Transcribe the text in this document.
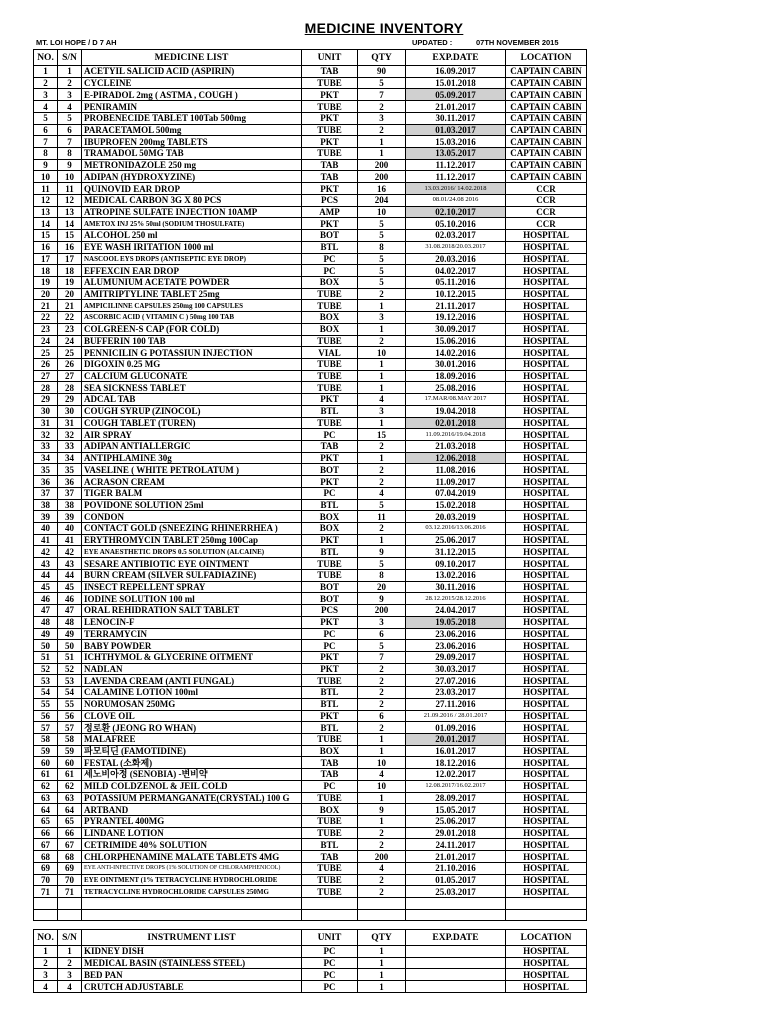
MEDICINE INVENTORY
MT. LOI HOPE / D 7 AH	UPDATED :	07TH NOVEMBER 2015
NO.	S/N	MEDICINE LIST	UNIT	QTY	EXP.DATE	LOCATION
1	1	ACETYIL SALICID ACID (ASPIRIN)	TAB	90	16.09.2017	CAPTAIN CABIN
2	2	CYCLEINE	TUBE	5	15.01.2018	CAPTAIN CABIN
3	3	E-PIRADOL 2mg ( ASTMA , COUGH )	PKT	7	05.09.2017	CAPTAIN CABIN
4	4	PENIRAMIN	TUBE	2	21.01.2017	CAPTAIN CABIN
5	5	PROBENECIDE TABLET 100Tab 500mg	PKT	3	30.11.2017	CAPTAIN CABIN
6	6	PARACETAMOL 500mg	TUBE	2	01.03.2017	CAPTAIN CABIN
7	7	IBUPROFEN 200mg TABLETS	PKT	1	15.03.2016	CAPTAIN CABIN
8	8	TRAMADOL 50MG TAB	TUBE	1	13.05.2017	CAPTAIN CABIN
9	9	METRONIDAZOLE 250 mg	TAB	200	11.12.2017	CAPTAIN CABIN
10	10	ADIPAN (HYDROXYZINE)	TAB	200	11.12.2017	CAPTAIN CABIN
11	11	QUINOVID EAR DROP	PKT	16	13.03.2016/ 14.02.2018	CCR
12	12	MEDICAL CARBON 3G X 80 PCS	PCS	204	08.01/24.08 2016	CCR
13	13	ATROPINE SULFATE INJECTION 10AMP	AMP	10	02.10.2017	CCR
14	14	AMETOX INJ 25% 50ml (SODIUM THOSULFATE)	PKT	5	05.10.2016	CCR
15	15	ALCOHOL 250 ml	BOT	5	02.03.2017	HOSPITAL
16	16	EYE WASH IRITATION 1000 ml	BTL	8	31.08.2018/20.03.2017	HOSPITAL
17	17	NASCOOL EYS DROPS (ANTISEPTIC EYE DROP)	PC	5	20.03.2016	HOSPITAL
18	18	EFFEXCIN EAR DROP	PC	5	04.02.2017	HOSPITAL
19	19	ALUMUNIUM ACETATE POWDER	BOX	5	05.11.2016	HOSPITAL
20	20	AMITRIPTYLINE TABLET 25mg	TUBE	2	10.12.2015	HOSPITAL
21	21	AMPICILINNE CAPSULES 250mg 100 CAPSULES	TUBE	1	21.11.2017	HOSPITAL
22	22	ASCORBIC ACID ( VITAMIN C ) 50mg 100 TAB	BOX	3	19.12.2016	HOSPITAL
23	23	COLGREEN-S CAP (FOR COLD)	BOX	1	30.09.2017	HOSPITAL
24	24	BUFFERIN 100 TAB	TUBE	2	15.06.2016	HOSPITAL
25	25	PENNICILIN G POTASSIUN INJECTION	VIAL	10	14.02.2016	HOSPITAL
26	26	DIGOXIN 0.25 MG	TUBE	1	30.01.2016	HOSPITAL
27	27	CALCIUM GLUCONATE	TUBE	1	18.09.2016	HOSPITAL
28	28	SEA SICKNESS TABLET	TUBE	1	25.08.2016	HOSPITAL
29	29	ADCAL TAB	PKT	4	17.MAR/08.MAY 2017	HOSPITAL
30	30	COUGH SYRUP (ZINOCOL)	BTL	3	19.04.2018	HOSPITAL
31	31	COUGH TABLET (TUREN)	TUBE	1	02.01.2018	HOSPITAL
32	32	AIR SPRAY	PC	15	11.09.2016/19.04.2018	HOSPITAL
33	33	ADIPAN ANTIALLERGIC	TAB	2	21.03.2018	HOSPITAL
34	34	ANTIPHLAMINE 30g	PKT	1	12.06.2018	HOSPITAL
35	35	VASELINE ( WHITE PETROLATUM )	BOT	2	11.08.2016	HOSPITAL
36	36	ACRASON CREAM	PKT	2	11.09.2017	HOSPITAL
37	37	TIGER BALM	PC	4	07.04.2019	HOSPITAL
38	38	POVIDONE SOLUTION 25ml	BTL	5	15.02.2018	HOSPITAL
39	39	CONDON	BOX	11	20.03.2019	HOSPITAL
40	40	CONTACT GOLD (SNEEZING RHINERRHEA )	BOX	2	03.12.2016/13.06.2016	HOSPITAL
41	41	ERYTHROMYCIN TABLET 250mg 100Cap	PKT	1	25.06.2017	HOSPITAL
42	42	EYE ANAESTHETIC DROPS 0.5 SOLUTION (ALCAINE)	BTL	9	31.12.2015	HOSPITAL
43	43	SESARE ANTIBIOTIC EYE OINTMENT	TUBE	5	09.10.2017	HOSPITAL
44	44	BURN CREAM (SILVER SULFADIAZINE)	TUBE	8	13.02.2016	HOSPITAL
45	45	INSECT REPELLENT SPRAY	BOT	20	30.11.2016	HOSPITAL
46	46	IODINE SOLUTION 100 ml	BOT	9	28.12.2015/28.12.2016	HOSPITAL
47	47	ORAL REHIDRATION SALT TABLET	PCS	200	24.04.2017	HOSPITAL
48	48	LENOCIN-F	PKT	3	19.05.2018	HOSPITAL
49	49	TERRAMYCIN	PC	6	23.06.2016	HOSPITAL
50	50	BABY POWDER	PC	5	23.06.2016	HOSPITAL
51	51	ICHTHYMOL & GLYCERINE OITMENT	PKT	7	29.09.2017	HOSPITAL
52	52	NADLAN	PKT	2	30.03.2017	HOSPITAL
53	53	LAVENDA CREAM (ANTI FUNGAL)	TUBE	2	27.07.2016	HOSPITAL
54	54	CALAMINE LOTION 100ml	BTL	2	23.03.2017	HOSPITAL
55	55	NORUMOSAN 250MG	BTL	2	27.11.2016	HOSPITAL
56	56	CLOVE OIL	PKT	6	21.09.2016 / 28.01.2017	HOSPITAL
57	57	정로환 (JEONG RO WHAN)	BTL	2	01.09.2016	HOSPITAL
58	58	MALAFREE	TUBE	1	20.01.2017	HOSPITAL
59	59	파모티딘 (FAMOTIDINE)	BOX	1	16.01.2017	HOSPITAL
60	60	FESTAL (소화제)	TAB	10	18.12.2016	HOSPITAL
61	61	세노비아정 (SENOBIA) -변비약	TAB	4	12.02.2017	HOSPITAL
62	62	MILD COLDZENOL & JEIL COLD	PC	10	12.08.2017/16.02.2017	HOSPITAL
63	63	POTASSIUM PERMANGANATE(CRYSTAL) 100 G	TUBE	1	28.09.2017	HOSPITAL
64	64	ARTBAND	BOX	9	15.05.2017	HOSPITAL
65	65	PYRANTEL 400MG	TUBE	1	25.06.2017	HOSPITAL
66	66	LINDANE LOTION	TUBE	2	29.01.2018	HOSPITAL
67	67	CETRIMIDE 40% SOLUTION	BTL	2	24.11.2017	HOSPITAL
68	68	CHLORPHENAMINE MALATE TABLETS 4MG	TAB	200	21.01.2017	HOSPITAL
69	69	EYE ANTI-INFECTIVE DROPS (1% SOLUTION OF CHLORAMPHENICOL)	TUBE	4	21.10.2016	HOSPITAL
70	70	EYE OINTMENT (1% TETRACYCLINE HYDROCHLORIDE	TUBE	2	01.05.2017	HOSPITAL
71	71	TETRACYCLINE HYDROCHLORIDE CAPSULES 250MG	TUBE	2	25.03.2017	HOSPITAL

NO.	S/N	INSTRUMENT LIST	UNIT	QTY	EXP.DATE	LOCATION
1	1	KIDNEY DISH	PC	1		HOSPITAL
2	2	MEDICAL BASIN (STAINLESS STEEL)	PC	1		HOSPITAL
3	3	BED PAN	PC	1		HOSPITAL
4	4	CRUTCH ADJUSTABLE	PC	1		HOSPITAL
